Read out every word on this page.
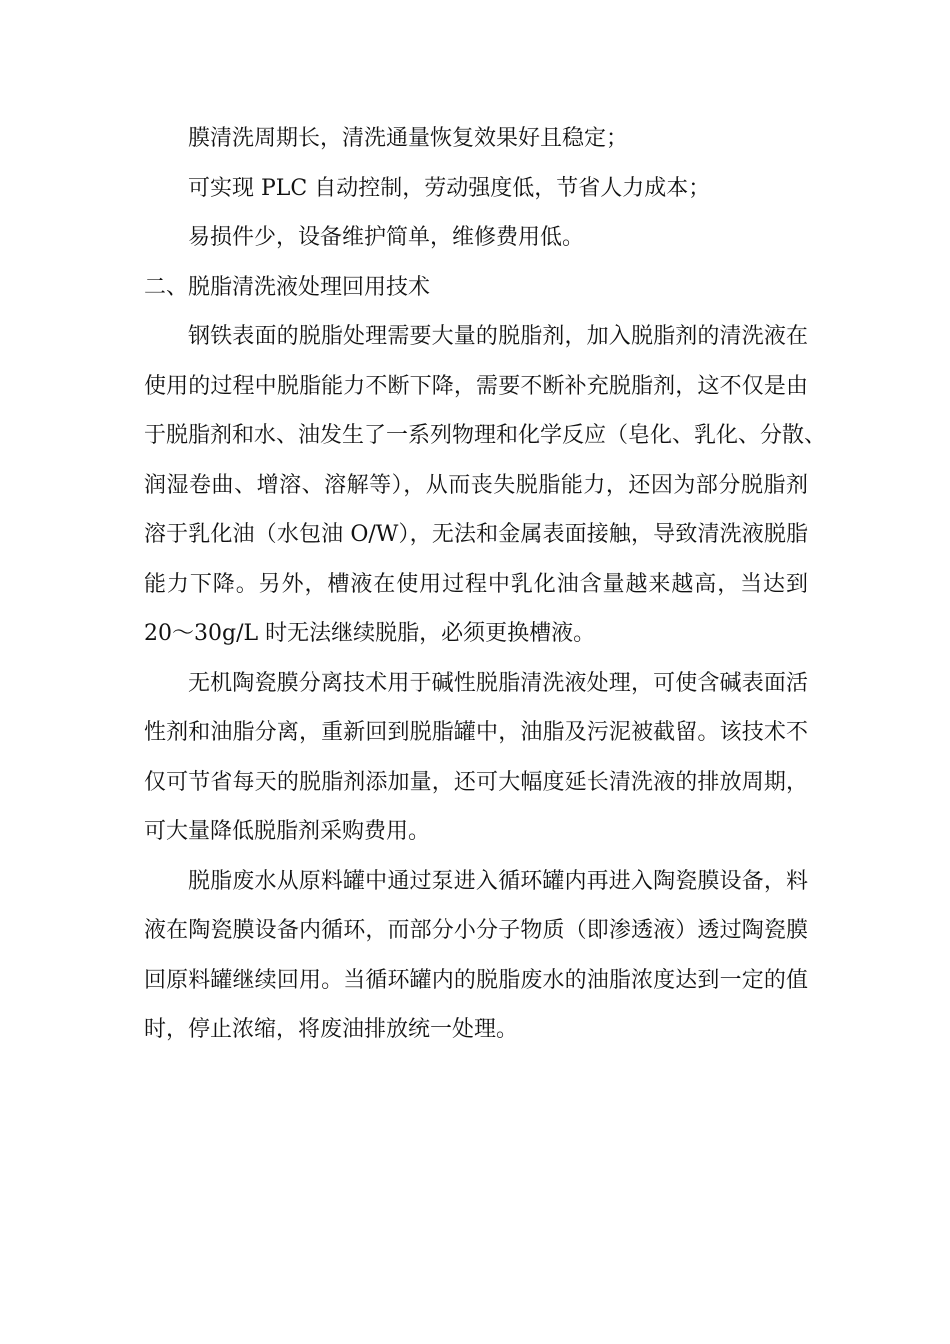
膜清洗周期长，清洗通量恢复效果好且稳定；
可实现 PLC 自动控制，劳动强度低，节省人力成本；
易损件少，设备维护简单，维修费用低。
二、脱脂清洗液处理回用技术
钢铁表面的脱脂处理需要大量的脱脂剂，加入脱脂剂的清洗液在
使用的过程中脱脂能力不断下降，需要不断补充脱脂剂，这不仅是由
于脱脂剂和水、油发生了一系列物理和化学反应（皂化、乳化、分散、
润湿卷曲、增溶、溶解等），从而丧失脱脂能力，还因为部分脱脂剂
溶于乳化油（水包油 O/W），无法和金属表面接触，导致清洗液脱脂
能力下降。另外，槽液在使用过程中乳化油含量越来越高，当达到
20～30g/L 时无法继续脱脂，必须更换槽液。
无机陶瓷膜分离技术用于碱性脱脂清洗液处理，可使含碱表面活
性剂和油脂分离，重新回到脱脂罐中，油脂及污泥被截留。该技术不
仅可节省每天的脱脂剂添加量，还可大幅度延长清洗液的排放周期，
可大量降低脱脂剂采购费用。
脱脂废水从原料罐中通过泵进入循环罐内再进入陶瓷膜设备，料
液在陶瓷膜设备内循环，而部分小分子物质（即渗透液）透过陶瓷膜
回原料罐继续回用。当循环罐内的脱脂废水的油脂浓度达到一定的值
时，停止浓缩，将废油排放统一处理。
